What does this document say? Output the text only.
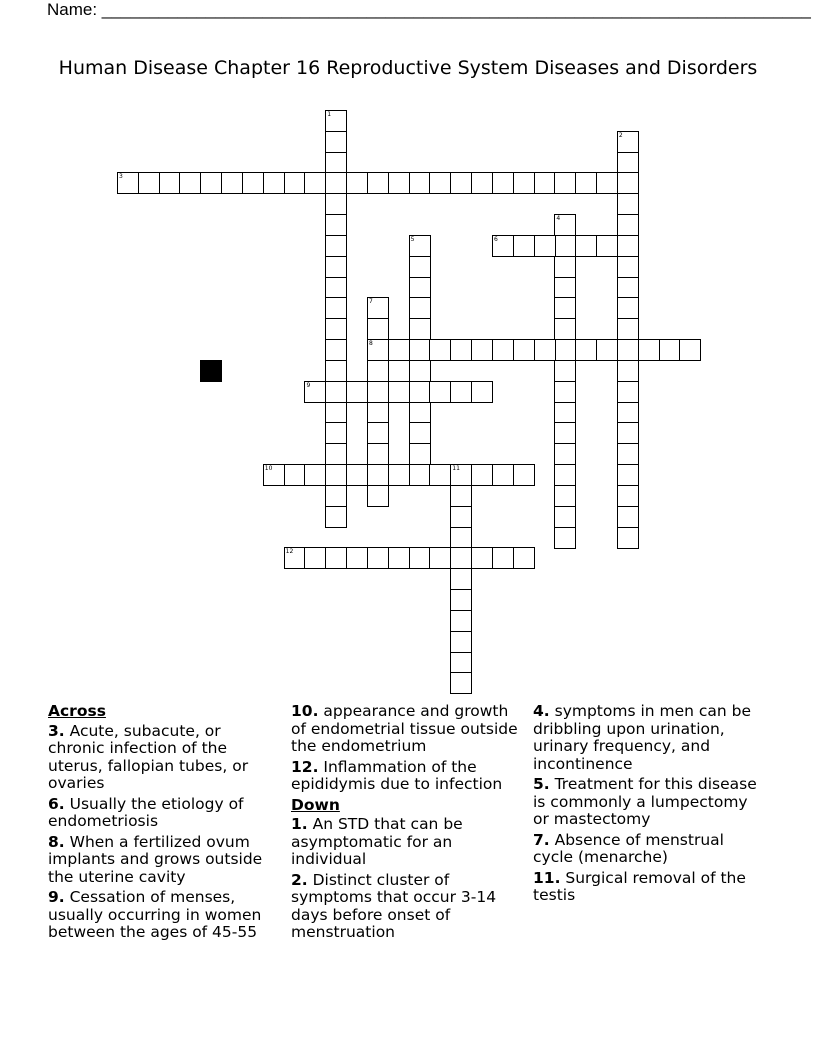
Name: ___________________________________________________________________________
Human Disease Chapter 16 Reproductive System Diseases and Disorders
1
2
3
4
5	6
7
8
9
10	11
12
Across
3. Acute, subacute, or chronic infection of the uterus, fallopian tubes, or ovaries
6. Usually the etiology of endometriosis
8. When a fertilized ovum implants and grows outside the uterine cavity
9. Cessation of menses, usually occurring in women between the ages of 45-55
10. appearance and growth of endometrial tissue outside the endometrium
12. Inflammation of the epididymis due to infection
Down
1. An STD that can be asymptomatic for an individual
2. Distinct cluster of symptoms that occur 3-14 days before onset of menstruation
4. symptoms in men can be dribbling upon urination, urinary frequency, and incontinence
5. Treatment for this disease is commonly a lumpectomy or mastectomy
7. Absence of menstrual cycle (menarche)
11. Surgical removal of the testis
